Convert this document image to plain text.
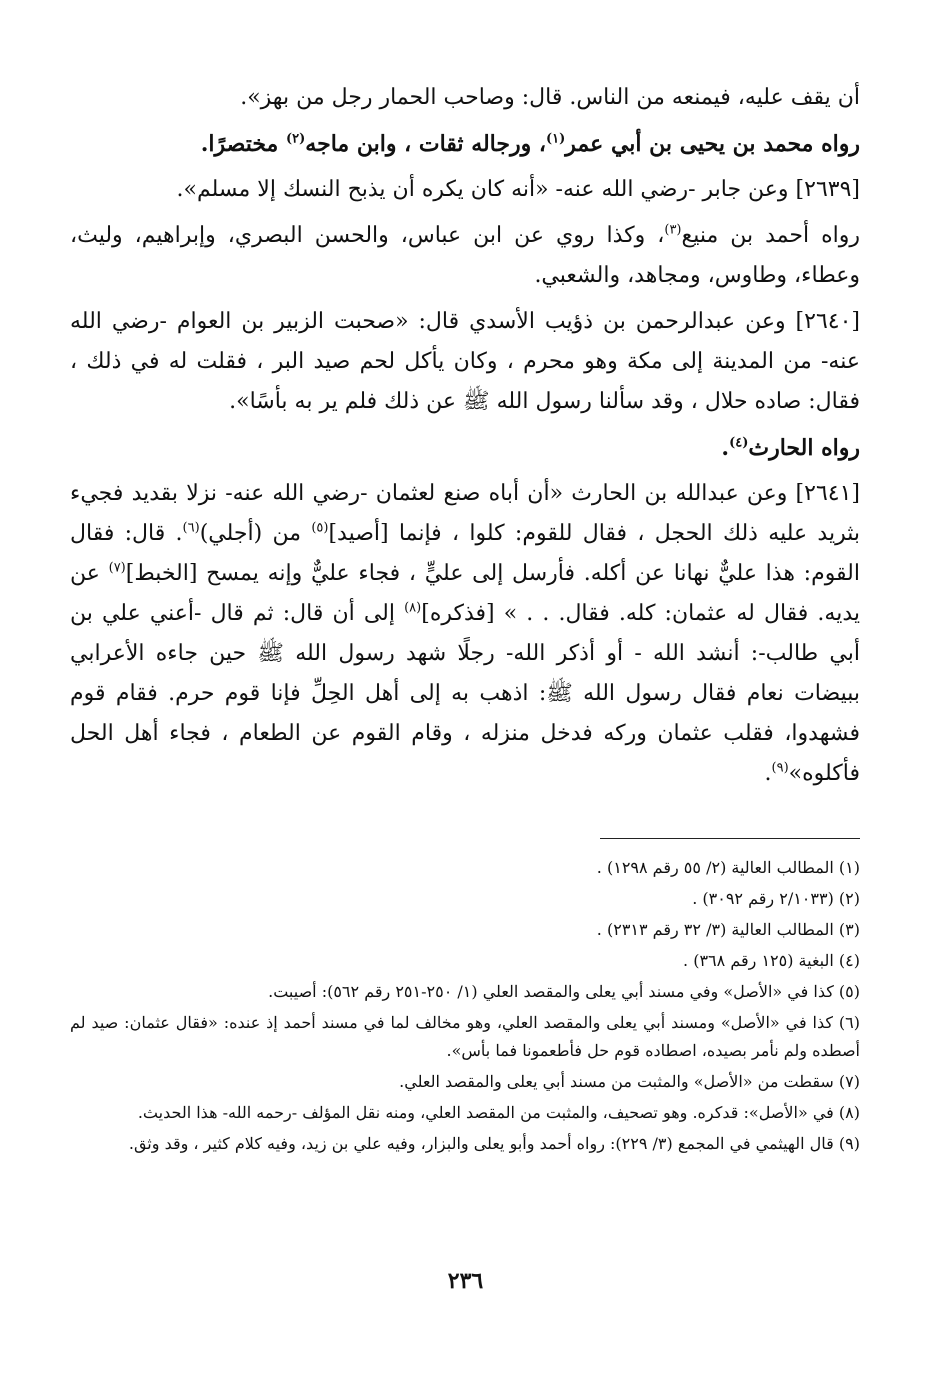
أن يقف عليه، فيمنعه من الناس. قال: وصاحب الحمار رجل من بهز».

رواه محمد بن يحيى بن أبي عمر$^{(١)}$، ورجاله ثقات ، وابن ماجه$^{(٢)}$ مختصرًا.

[٢٦٣٩] وعن جابر -رضي الله عنه- «أنه كان يكره أن يذبح النسك إلا مسلم».

رواه أحمد بن منيع$^{(٣)}$، وكذا روي عن ابن عباس، والحسن البصري، وإبراهيم، وليث، وعطاء، وطاوس، ومجاهد، والشعبي.

[٢٦٤٠] وعن عبدالرحمن بن ذؤيب الأسدي قال: «صحبت الزبير بن العوام -رضي الله عنه- من المدينة إلى مكة وهو محرم ، وكان يأكل لحم صيد البر ، فقلت له في ذلك ، فقال: صاده حلال ، وقد سألنا رسول الله ﷺ عن ذلك فلم ير به بأسًا».

رواه الحارث$^{(٤)}$.

[٢٦٤١] وعن عبدالله بن الحارث «أن أباه صنع لعثمان -رضي الله عنه- نزلا بقديد فجيء بثريد عليه ذلك الحجل ، فقال للقوم: كلوا ، فإنما [أصيد]$^{(٥)}$ من (أجلي)$^{(٦)}$. قال: فقال القوم: هذا عليٌّ نهانا عن أكله. فأرسل إلى عليٍّ ، فجاء عليٌّ وإنه يمسح [الخبط]$^{(٧)}$ عن يديه. فقال له عثمان: كله. فقال. . . » [فذكره]$^{(٨)}$ إلى أن قال: ثم قال -أعني علي بن أبي طالب-: أنشد الله - أو أذكر الله- رجلًا شهد رسول الله ﷺ حين جاءه الأعرابي ببيضات نعام فقال رسول الله ﷺ: اذهب به إلى أهل الحِلِّ فإنا قوم حرم. فقام قوم فشهدوا، فقلب عثمان وركه فدخل منزله ، وقام القوم عن الطعام ، فجاء أهل الحل فأكلوه»$^{(٩)}$.

(١) المطالب العالية (٢/ ٥٥ رقم ١٢٩٨) .

(٢) (٢/١٠٣٣ رقم ٣٠٩٢) .

(٣) المطالب العالية (٣/ ٣٢ رقم ٢٣١٣) .

(٤) البغية (١٢٥ رقم ٣٦٨) .

(٥) كذا في «الأصل» وفي مسند أبي يعلى والمقصد العلي (١/ ٢٥٠-٢٥١ رقم ٥٦٢): أصيبت.

(٦) كذا في «الأصل» ومسند أبي يعلى والمقصد العلي، وهو مخالف لما في مسند أحمد إذ عنده: «فقال عثمان: صيد لم أصطده ولم نأمر بصيده، اصطاده قوم حل فأطعمونا فما بأس».

(٧) سقطت من «الأصل» والمثبت من مسند أبي يعلى والمقصد العلي.

(٨) في «الأصل»: قدكره. وهو تصحيف، والمثبت من المقصد العلي، ومنه نقل المؤلف -رحمه الله- هذا الحديث.

(٩) قال الهيثمي في المجمع (٣/ ٢٢٩): رواه أحمد وأبو يعلى والبزار، وفيه علي بن زيد، وفيه كلام كثير ، وقد وثق.

٢٣٦
